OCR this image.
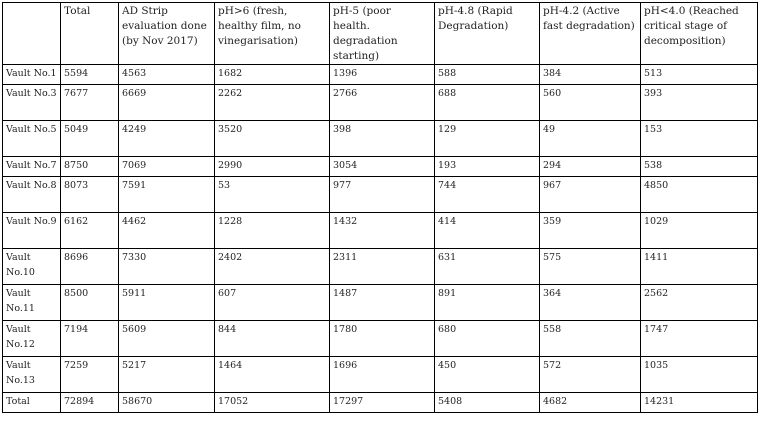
	Total	AD Strip evaluation done (by Nov 2017)	pH>6 (fresh, healthy film, no vinegarisation)	pH-5 (poor health. degradation starting)	pH-4.8 (Rapid Degradation)	pH-4.2 (Active fast degradation)	pH<4.0 (Reached critical stage of decomposition)
Vault No.1	5594	4563	1682	1396	588	384	513
Vault No.3	7677	6669	2262	2766	688	560	393
Vault No.5	5049	4249	3520	398	129	49	153
Vault No.7	8750	7069	2990	3054	193	294	538
Vault No.8	8073	7591	53	977	744	967	4850
Vault No.9	6162	4462	1228	1432	414	359	1029
Vault No.10	8696	7330	2402	2311	631	575	1411
Vault No.11	8500	5911	607	1487	891	364	2562
Vault No.12	7194	5609	844	1780	680	558	1747
Vault No.13	7259	5217	1464	1696	450	572	1035
Total	72894	58670	17052	17297	5408	4682	14231
